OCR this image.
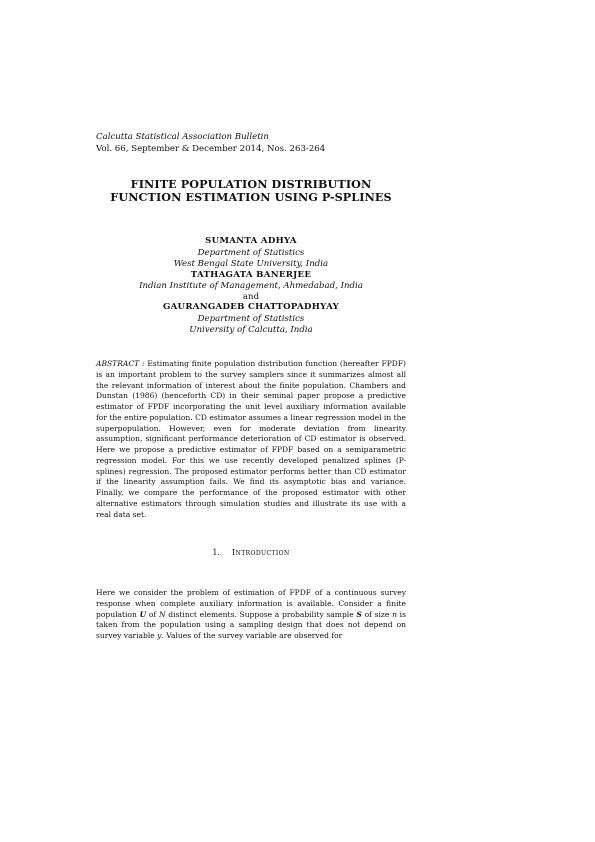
Calcutta Statistical Association Bulletin
Vol. 66, September & December 2014, Nos. 263-264
FINITE POPULATION DISTRIBUTION
FUNCTION ESTIMATION USING P-SPLINES
SUMANTA ADHYA
Department of Statistics
West Bengal State University, India
TATHAGATA BANERJEE
Indian Institute of Management, Ahmedabad, India
and
GAURANGADEB CHATTOPADHYAY
Department of Statistics
University of Calcutta, India
ABSTRACT : Estimating finite population distribution function (hereafter FPDF) is an important problem to the survey samplers since it summarizes almost all the relevant information of interest about the finite population. Chambers and Dunstan (1986) (henceforth CD) in their seminal paper propose a predictive estimator of FPDF incorporating the unit level auxiliary information available for the entire population. CD estimator assumes a linear regression model in the superpopulation. However, even for moderate deviation from linearity assumption, significant performance deterioration of CD estimator is observed. Here we propose a predictive estimator of FPDF based on a semiparametric regression model. For this we use recently developed penalized splines (P-splines) regression. The proposed estimator performs better than CD estimator if the linearity assumption fails. We find its asymptotic bias and variance. Finally, we compare the performance of the proposed estimator with other alternative estimators through simulation studies and illustrate its use with a real data set.
1. Introduction
Here we consider the problem of estimation of FPDF of a continuous survey response when complete auxiliary information is available. Consider a finite population U of N distinct elements. Suppose a probability sample S of size n is taken from the population using a sampling design that does not depend on survey variable y. Values of the survey variable are observed for
